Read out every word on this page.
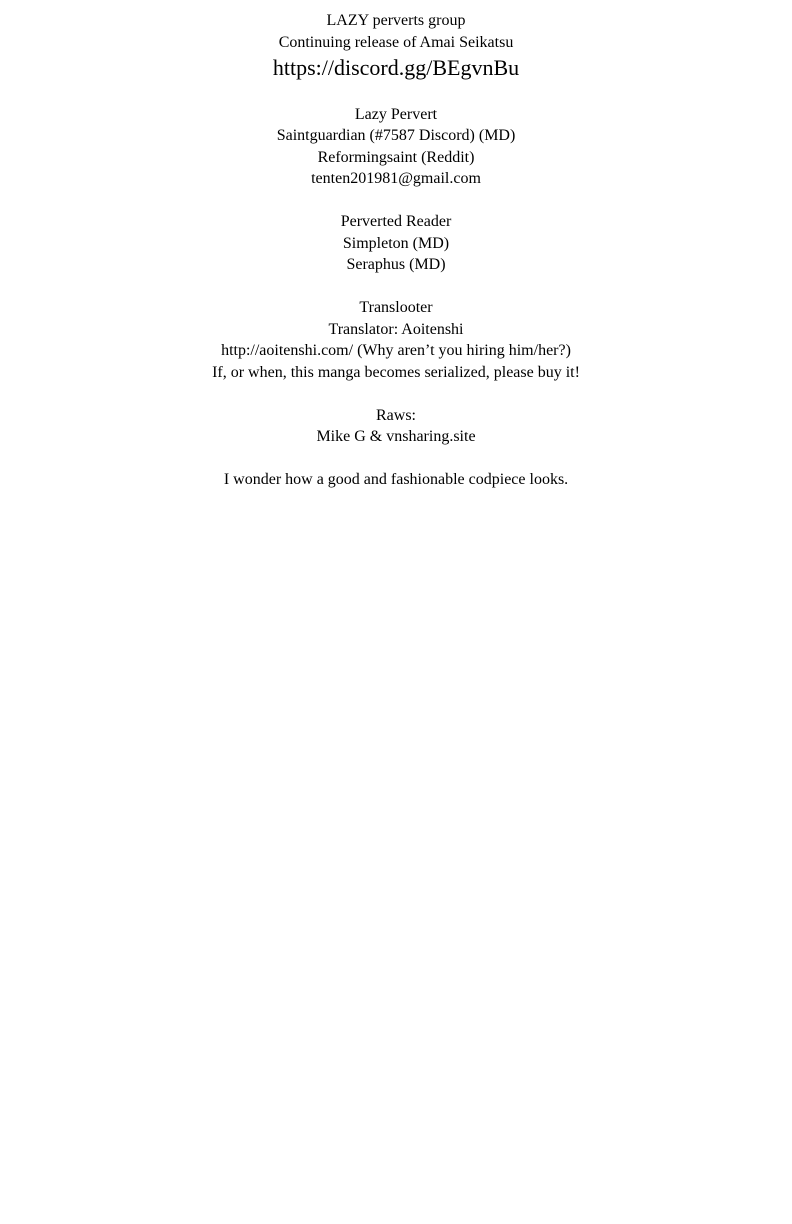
LAZY perverts group

Continuing release of Amai Seikatsu

https://discord.gg/BEgvnBu

Lazy Pervert

Saintguardian (#7587 Discord) (MD)

Reformingsaint (Reddit)

tenten201981@gmail.com

Perverted Reader

Simpleton (MD)

Seraphus (MD)

Translooter

Translator: Aoitenshi

http://aoitenshi.com/ (Why aren’t you hiring him/her?)

If, or when, this manga becomes serialized, please buy it!

Raws:

Mike G & vnsharing.site

I wonder how a good and fashionable codpiece looks.
